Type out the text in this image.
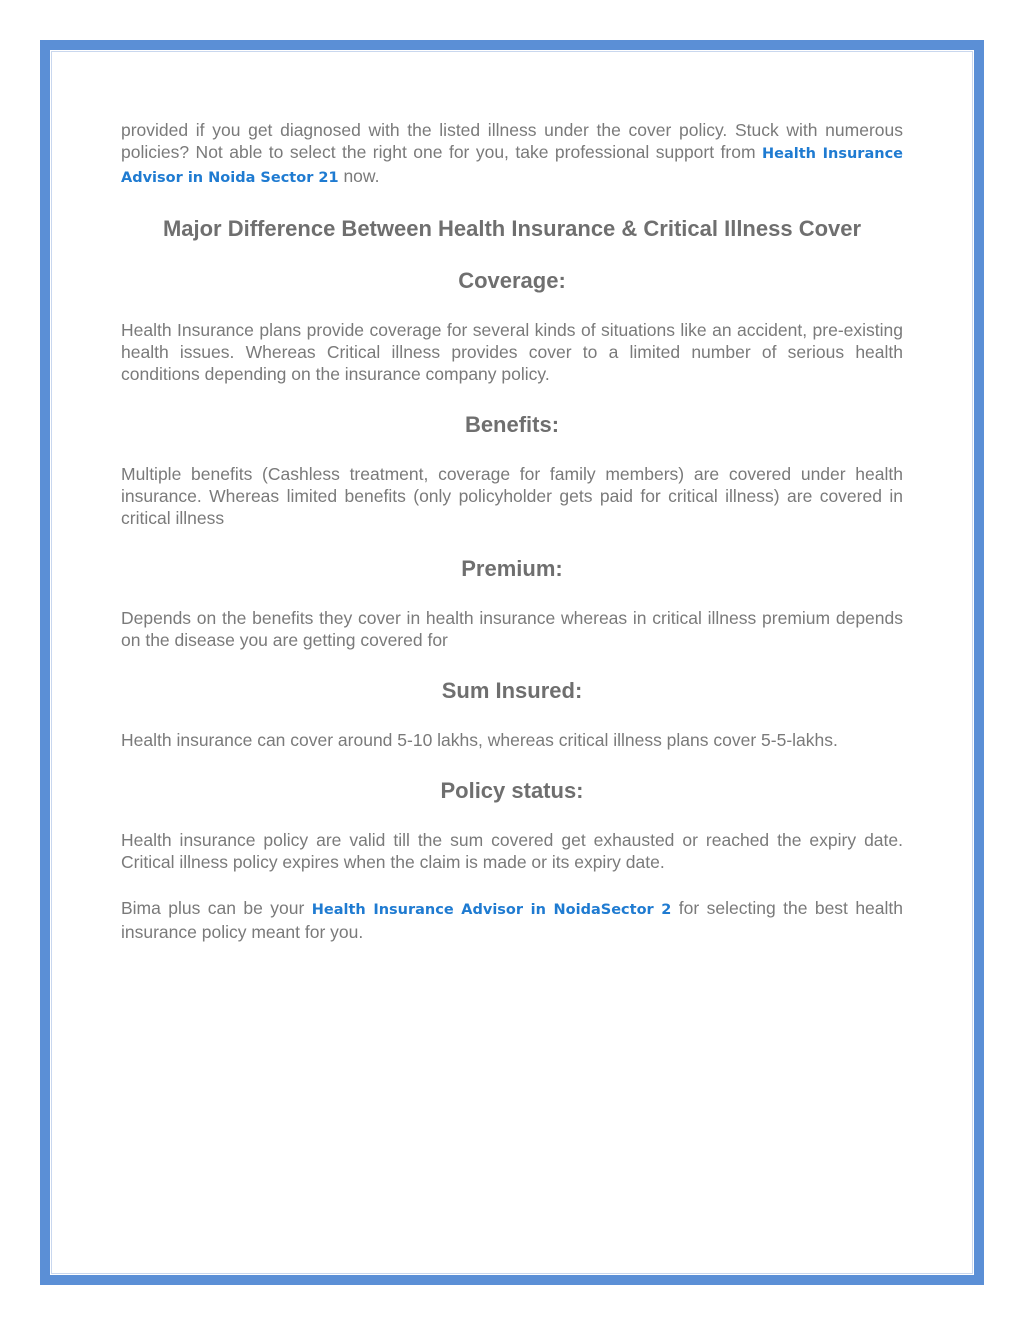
provided if you get diagnosed with the listed illness under the cover policy. Stuck with numerous policies? Not able to select the right one for you, take professional support from Health Insurance Advisor in Noida Sector 21 now.

Major Difference Between Health Insurance & Critical Illness Cover
Coverage:

Health Insurance plans provide coverage for several kinds of situations like an accident, pre-existing health issues. Whereas Critical illness provides cover to a limited number of serious health conditions depending on the insurance company policy.

Benefits:

Multiple benefits (Cashless treatment, coverage for family members) are covered under health insurance. Whereas limited benefits (only policyholder gets paid for critical illness) are covered in critical illness

Premium:

Depends on the benefits they cover in health insurance whereas in critical illness premium depends on the disease you are getting covered for

Sum Insured:

Health insurance can cover around 5-10 lakhs, whereas critical illness plans cover 5-5-lakhs.

Policy status:

Health insurance policy are valid till the sum covered get exhausted or reached the expiry date. Critical illness policy expires when the claim is made or its expiry date.

Bima plus can be your Health Insurance Advisor in NoidaSector 2 for selecting the best health insurance policy meant for you.
